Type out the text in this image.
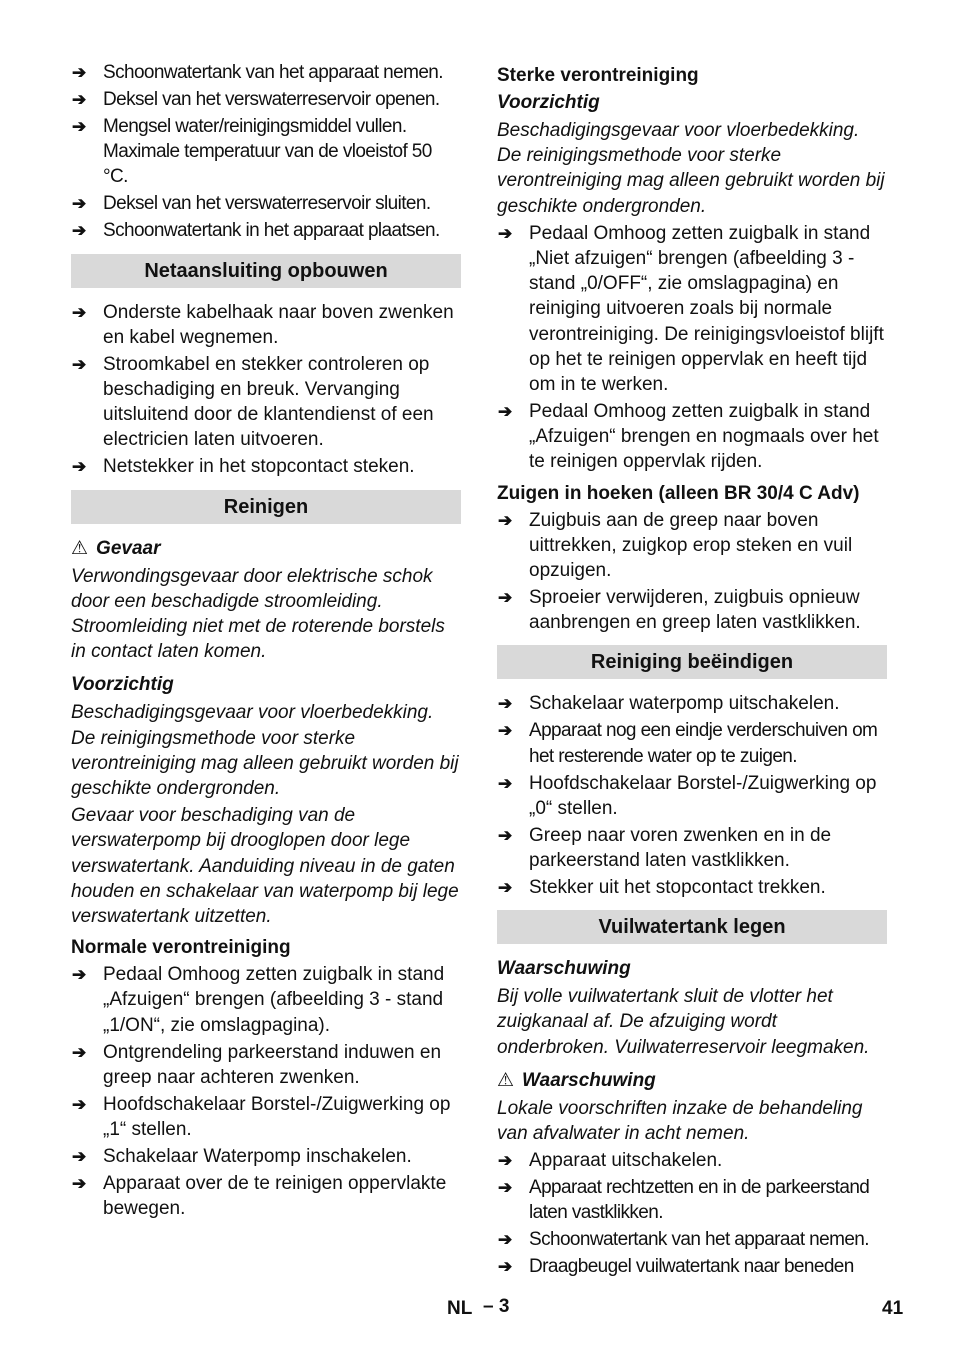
➔ Schoonwatertank van het apparaat nemen.
➔ Deksel van het verswaterreservoir openen.
➔ Mengsel water/reinigingsmiddel vullen. Maximale temperatuur van de vloeistof 50 °C.
➔ Deksel van het verswaterreservoir sluiten.
➔ Schoonwatertank in het apparaat plaatsen.
Netaansluiting opbouwen
➔ Onderste kabelhaak naar boven zwenken en kabel wegnemen.
➔ Stroomkabel en stekker controleren op beschadiging en breuk. Vervanging uitsluitend door de klantendienst of een electricien laten uitvoeren.
➔ Netstekker in het stopcontact steken.
Reinigen
⚠ Gevaar
Verwondingsgevaar door elektrische schok door een beschadigde stroomleiding. Stroomleiding niet met de roterende borstels in contact laten komen.
Voorzichtig
Beschadigingsgevaar voor vloerbedekking. De reinigingsmethode voor sterke verontreiniging mag alleen gebruikt worden bij geschikte ondergronden.
Gevaar voor beschadiging van de verswaterpomp bij drooglopen door lege verswatertank. Aanduiding niveau in de gaten houden en schakelaar van waterpomp bij lege verswatertank uitzetten.
Normale verontreiniging
➔ Pedaal Omhoog zetten zuigbalk in stand „Afzuigen“ brengen (afbeelding 3 - stand „1/ON“, zie omslagpagina).
➔ Ontgrendeling parkeerstand induwen en greep naar achteren zwenken.
➔ Hoofdschakelaar Borstel-/Zuigwerking op „1“ stellen.
➔ Schakelaar Waterpomp inschakelen.
➔ Apparaat over de te reinigen oppervlakte bewegen.
Sterke verontreiniging
Voorzichtig
Beschadigingsgevaar voor vloerbedekking. De reinigingsmethode voor sterke verontreiniging mag alleen gebruikt worden bij geschikte ondergronden.
➔ Pedaal Omhoog zetten zuigbalk in stand „Niet afzuigen“ brengen (afbeelding 3 - stand „0/OFF“, zie omslagpagina) en reiniging uitvoeren zoals bij normale verontreiniging. De reinigingsvloeistof blijft op het te reinigen oppervlak en heeft tijd om in te werken.
➔ Pedaal Omhoog zetten zuigbalk in stand „Afzuigen“ brengen en nogmaals over het te reinigen oppervlak rijden.
Zuigen in hoeken (alleen BR 30/4 C Adv)
➔ Zuigbuis aan de greep naar boven uittrekken, zuigkop erop steken en vuil opzuigen.
➔ Sproeier verwijderen, zuigbuis opnieuw aanbrengen en greep laten vastklikken.
Reiniging beëindigen
➔ Schakelaar waterpomp uitschakelen.
➔ Apparaat nog een eindje verderschuiven om het resterende water op te zuigen.
➔ Hoofdschakelaar Borstel-/Zuigwerking op „0“ stellen.
➔ Greep naar voren zwenken en in de parkeerstand laten vastklikken.
➔ Stekker uit het stopcontact trekken.
Vuilwatertank legen
Waarschuwing
Bij volle vuilwatertank sluit de vlotter het zuigkanaal af. De afzuiging wordt onderbroken. Vuilwaterreservoir leegmaken.
⚠ Waarschuwing
Lokale voorschriften inzake de behandeling van afvalwater in acht nemen.
➔ Apparaat uitschakelen.
➔ Apparaat rechtzetten en in de parkeerstand laten vastklikken.
➔ Schoonwatertank van het apparaat nemen.
➔ Draagbeugel vuilwatertank naar beneden
NL – 3	41
